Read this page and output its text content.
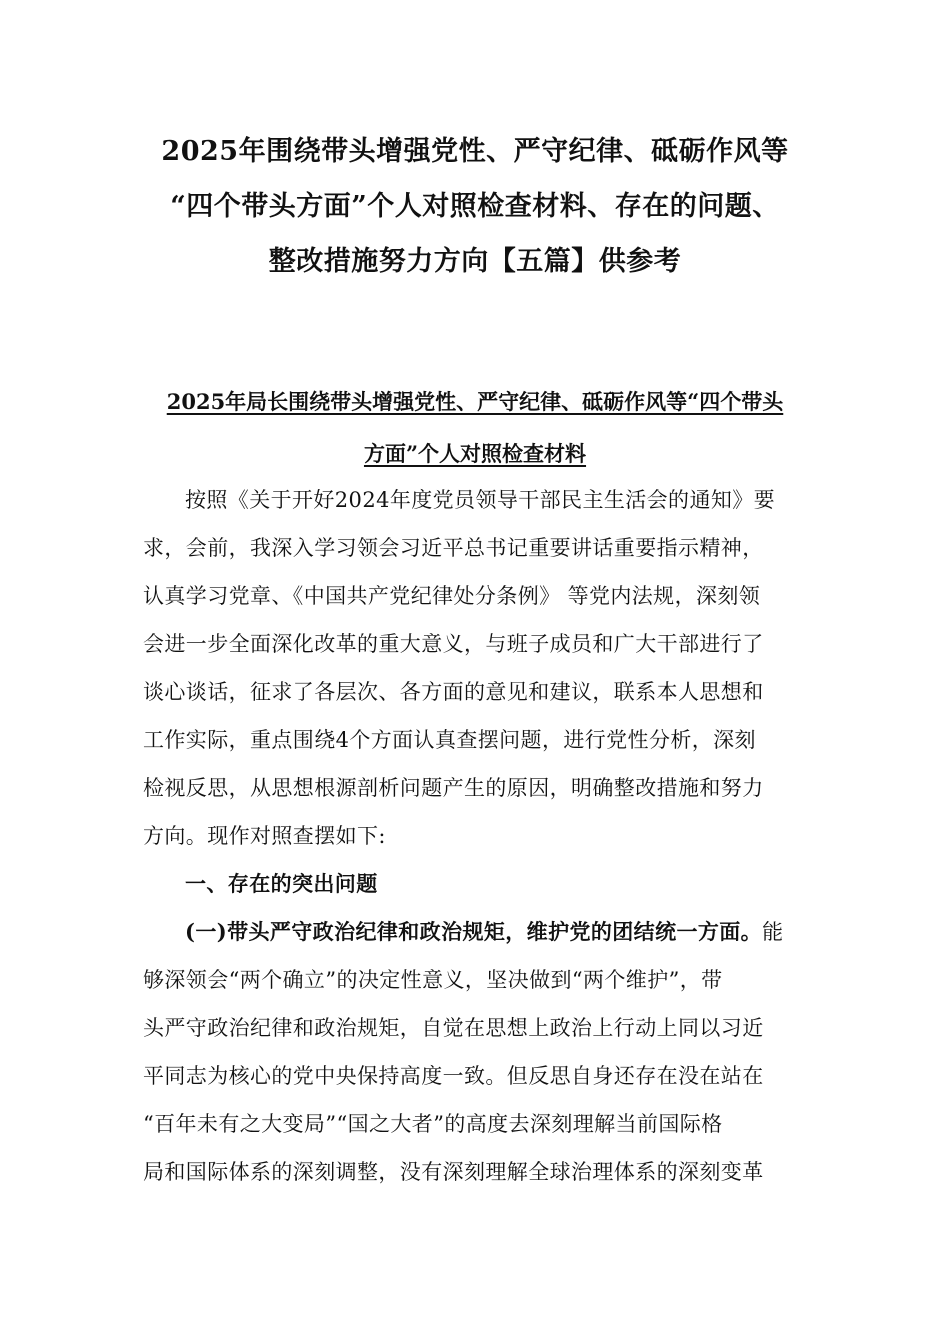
2025年围绕带头增强党性、严守纪律、砥砺作风等
“四个带头方面”个人对照检查材料、存在的问题、
整改措施努力方向【五篇】供参考
2025年局长围绕带头增强党性、严守纪律、砥砺作风等“四个带头
方面”个人对照检查材料
按照《关于开好2024年度党员领导干部民主生活会的通知》要
求，会前，我深入学习领会习近平总书记重要讲话重要指示精神，
认真学习党章、《中国共产党纪律处分条例》 等党内法规，深刻领
会进一步全面深化改革的重大意义，与班子成员和广大干部进行了
谈心谈话，征求了各层次、各方面的意见和建议，联系本人思想和
工作实际，重点围绕4个方面认真查摆问题，进行党性分析，深刻
检视反思，从思想根源剖析问题产生的原因，明确整改措施和努力
方向。现作对照查摆如下:
一、存在的突出问题
(一)带头严守政治纪律和政治规矩，维护党的团结统一方面。能
够深领会“两个确立”的决定性意义，坚决做到“两个维护”，带
头严守政治纪律和政治规矩，自觉在思想上政治上行动上同以习近
平同志为核心的党中央保持高度一致。但反思自身还存在没在站在
“百年未有之大变局”“国之大者”的高度去深刻理解当前国际格
局和国际体系的深刻调整，没有深刻理解全球治理体系的深刻变革
